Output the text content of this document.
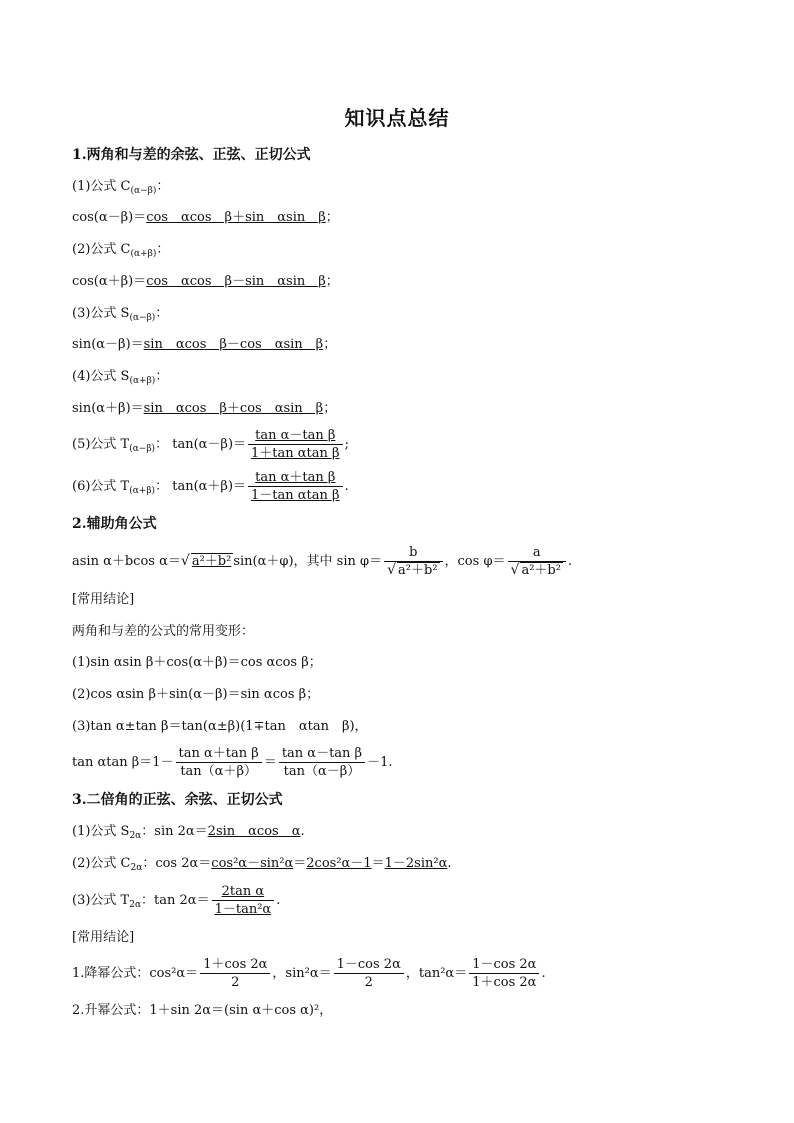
知识点总结
1.两角和与差的余弦、正弦、正切公式
(1)公式 $C_{(\alpha-\beta)}$：
cos(α－β)＝cos　αcos　β＋sin　αsin　β；
(2)公式 $C_{(\alpha+\beta)}$：
cos(α＋β)＝cos　αcos　β－sin　αsin　β；
(3)公式 $S_{(\alpha-\beta)}$：
sin(α－β)＝sin　αcos　β－cos　αsin　β；
(4)公式 $S_{(\alpha+\beta)}$：
sin(α＋β)＝sin　αcos　β＋cos　αsin　β；
(5)公式 $T_{(\alpha-\beta)}$： $\tan(\alpha-\beta)= \frac{\text{tan α－tan β}}{\text{1＋tan αtan β}}$ ;
(6)公式 $T_{(\alpha+\beta)}$： $\tan(\alpha+\beta)= \frac{\text{tan α＋tan β}}{\text{1－tan αtan β}}$ .
2.辅助角公式
asin α＋bcos α＝√ a²＋b² sin(α＋φ)，其中 $\sin \varphi= \frac{b}{\text{√ a²＋b²}}$ ，$\cos \varphi= \frac{a}{\text{√ a²＋b²}}$ .
[常用结论]
两角和与差的公式的常用变形：
(1)sin αsin β＋cos(α＋β)＝cos αcos β；
(2)cos αsin β＋sin(α－β)＝sin αcos β；
(3)tan α±tan β＝tan(α±β)(1∓tan　αtan　β)，
tan αtan $\beta=1- \frac{\text{tan α＋tan β}}{\tan(\alpha+\beta)} = \frac{\text{tan α－tan β}}{\tan(\alpha-\beta)} -1$.
3.二倍角的正弦、余弦、正切公式
(1)公式 $S_{2\alpha}$：sin 2α＝2sin　αcos　α.
(2)公式 $C_{2\alpha}$：cos 2α＝cos²α－sin²α＝2cos²α－1＝1－2sin²α.
(3)公式 $T_{2\alpha}$：$\tan 2\alpha= \frac{\text{2tan α}}{\text{1－tan²α}}$ .
[常用结论]
1.降幂公式：$\cos^2\alpha= \frac{1+\cos 2\alpha}{2}$ ，$\sin^2\alpha= \frac{1-\cos 2\alpha}{2}$ ，$\tan^2\alpha= \frac{1-\cos 2\alpha}{1+\cos 2\alpha}$ .
2.升幂公式：1＋sin 2α＝(sin α＋cos α)²，
